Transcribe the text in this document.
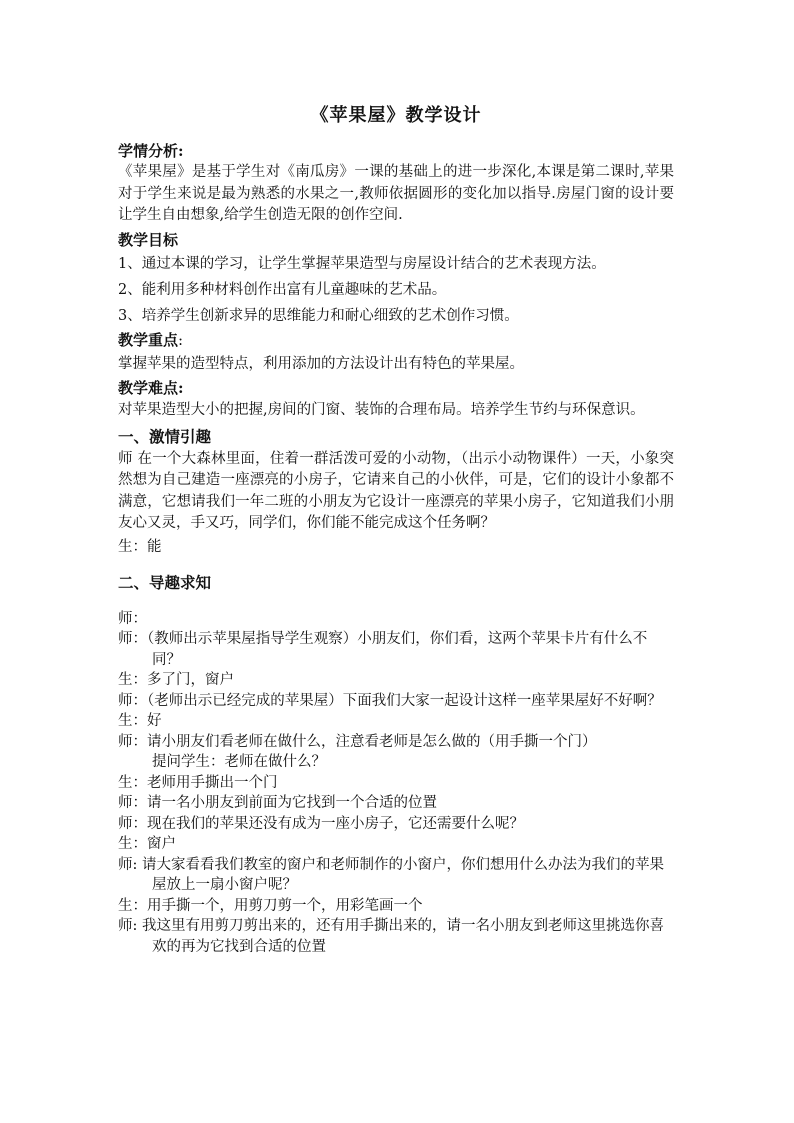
《苹果屋》教学设计

学情分析:

《苹果屋》是基于学生对《南瓜房》一课的基础上的进一步深化,本课是第二课时,苹果对于学生来说是最为熟悉的水果之一,教师依据圆形的变化加以指导.房屋门窗的设计要让学生自由想象,给学生创造无限的创作空间.

教学目标

1、通过本课的学习，让学生掌握苹果造型与房屋设计结合的艺术表现方法。

2、能利用多种材料创作出富有儿童趣味的艺术品。

3、培养学生创新求异的思维能力和耐心细致的艺术创作习惯。

教学重点:

掌握苹果的造型特点，利用添加的方法设计出有特色的苹果屋。

教学难点:

对苹果造型大小的把握,房间的门窗、装饰的合理布局。培养学生节约与环保意识。

一、激情引趣

师 在一个大森林里面，住着一群活泼可爱的小动物，（出示小动物课件）一天，小象突然想为自己建造一座漂亮的小房子，它请来自己的小伙伴，可是，它们的设计小象都不满意，它想请我们一年二班的小朋友为它设计一座漂亮的苹果小房子，它知道我们小朋友心又灵，手又巧，同学们，你们能不能完成这个任务啊？

生：能

二、导趣求知

师：

师：（教师出示苹果屋指导学生观察）小朋友们，你们看，这两个苹果卡片有什么不同？

生：多了门，窗户

师：（老师出示已经完成的苹果屋）下面我们大家一起设计这样一座苹果屋好不好啊？

生：好

师：请小朋友们看老师在做什么，注意看老师是怎么做的（用手撕一个门）

提问学生：老师在做什么？

生：老师用手撕出一个门

师：请一名小朋友到前面为它找到一个合适的位置

师：现在我们的苹果还没有成为一座小房子，它还需要什么呢？

生：窗户

师: 请大家看看我们教室的窗户和老师制作的小窗户，你们想用什么办法为我们的苹果屋放上一扇小窗户呢？

生：用手撕一个，用剪刀剪一个，用彩笔画一个

师: 我这里有用剪刀剪出来的，还有用手撕出来的，请一名小朋友到老师这里挑选你喜欢的再为它找到合适的位置
